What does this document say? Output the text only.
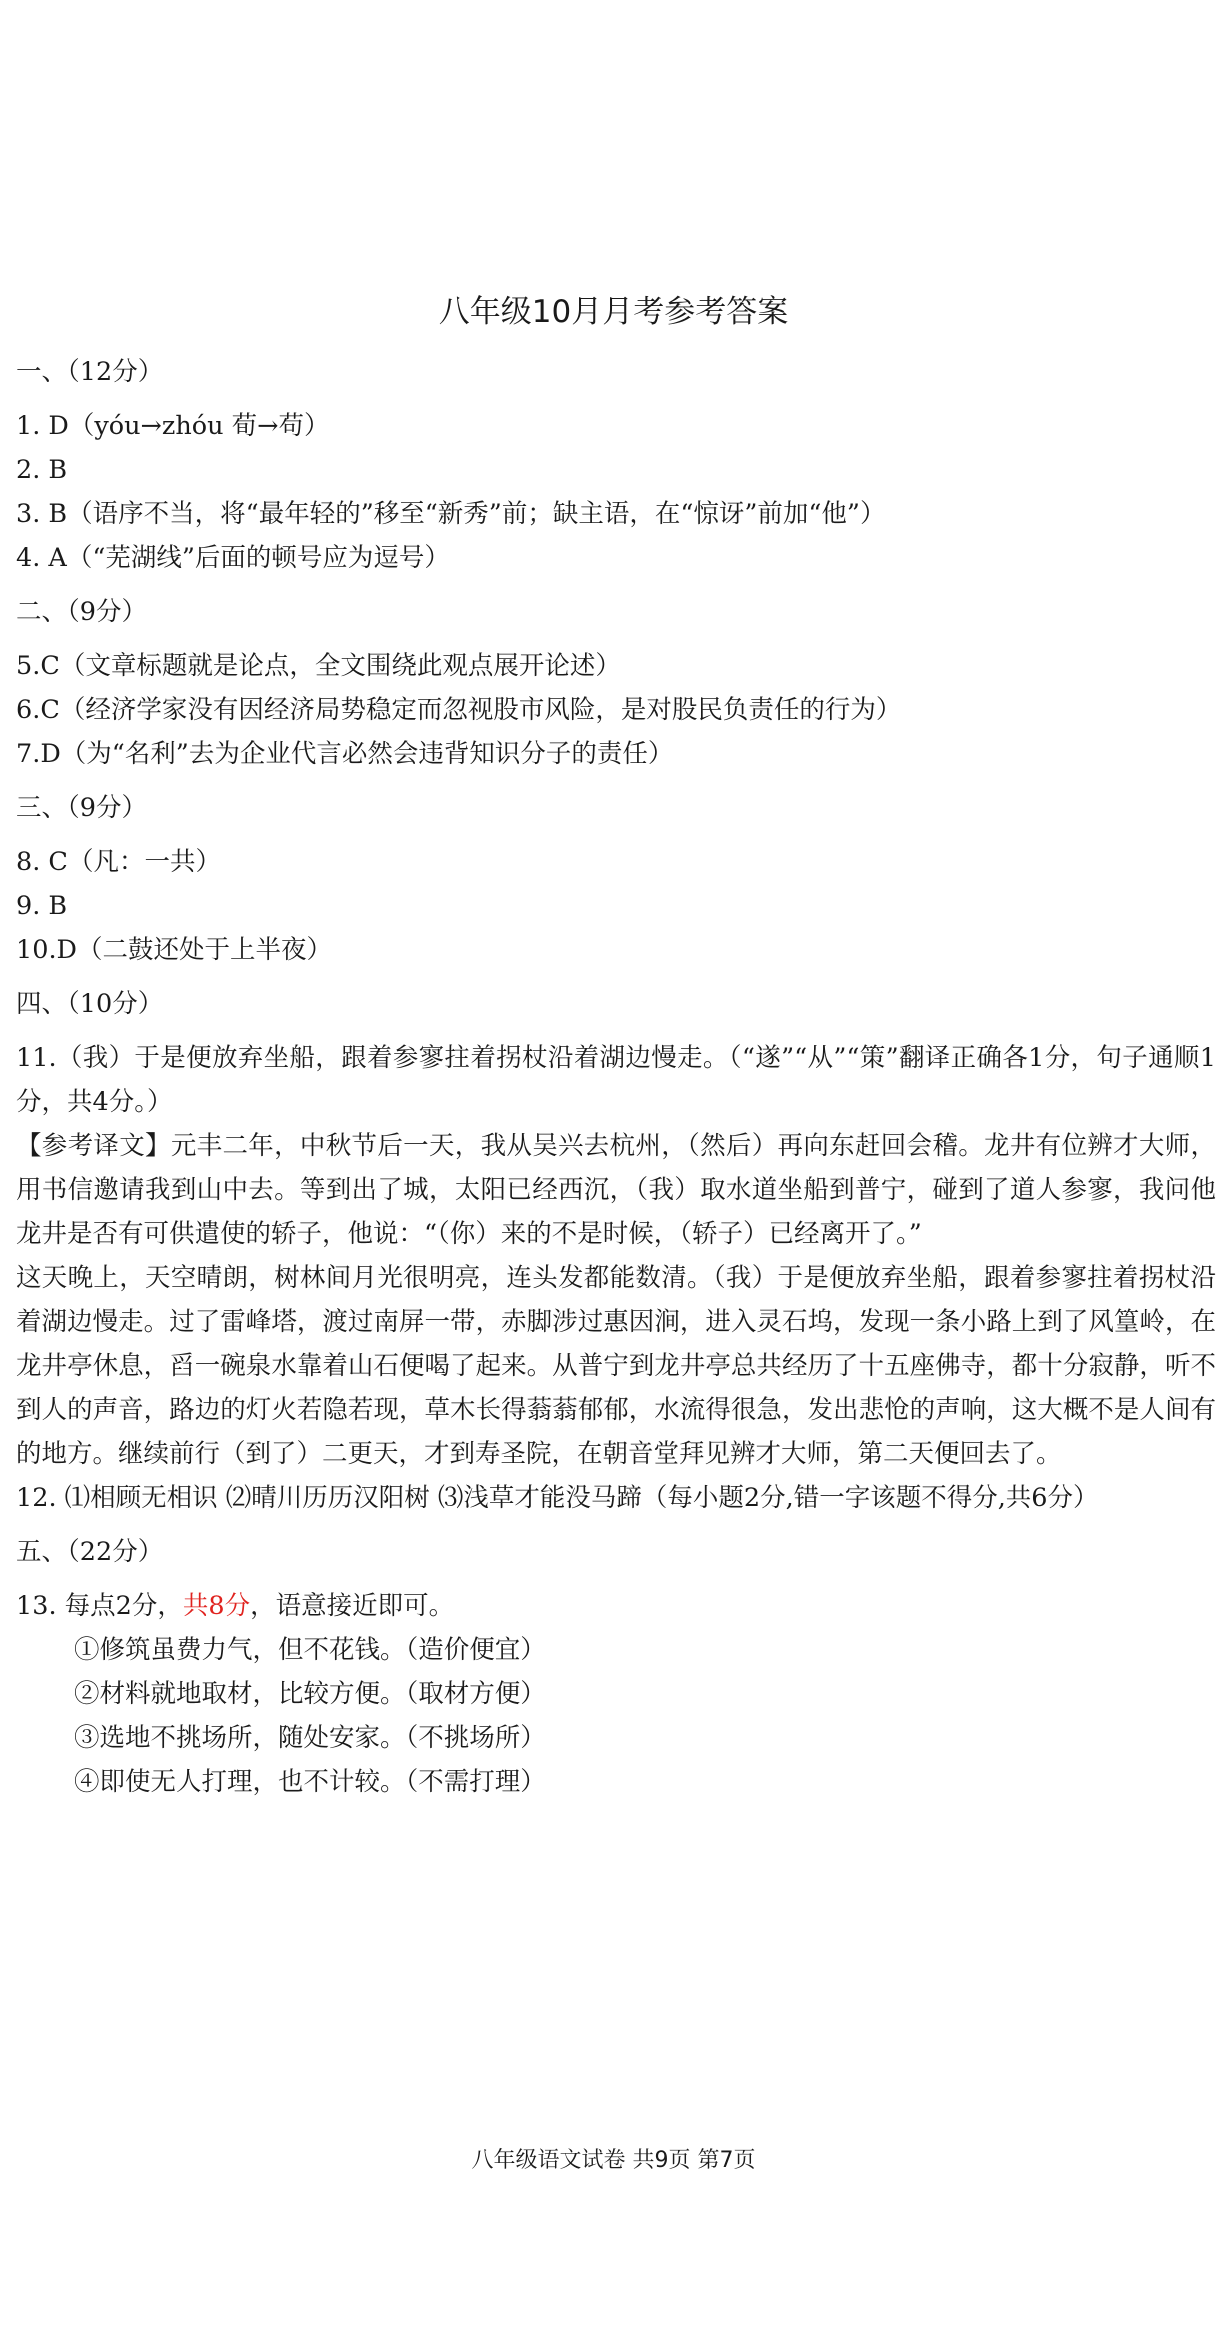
八年级10月月考参考答案
一、（12分）
1. D（yóu→zhóu 荀→苟）
2. B
3. B（语序不当，将“最年轻的”移至“新秀”前；缺主语，在“惊讶”前加“他”）
4. A（“芜湖线”后面的顿号应为逗号）
二、（9分）
5.C（文章标题就是论点，全文围绕此观点展开论述）
6.C（经济学家没有因经济局势稳定而忽视股市风险，是对股民负责任的行为）
7.D（为“名利”去为企业代言必然会违背知识分子的责任）
三、（9分）
8. C（凡：一共）
9. B
10.D（二鼓还处于上半夜）
四、（10分）
11.（我）于是便放弃坐船，跟着参寥拄着拐杖沿着湖边慢走。（“遂”“从”“策”翻译正确各1分，句子通顺1分，共4分。）
【参考译文】元丰二年，中秋节后一天，我从吴兴去杭州，（然后）再向东赶回会稽。龙井有位辨才大师，用书信邀请我到山中去。等到出了城，太阳已经西沉，（我）取水道坐船到普宁，碰到了道人参寥，我问他龙井是否有可供遣使的轿子，他说：“（你）来的不是时候，（轿子）已经离开了。”
这天晚上，天空晴朗，树林间月光很明亮，连头发都能数清。（我）于是便放弃坐船，跟着参寥拄着拐杖沿着湖边慢走。过了雷峰塔，渡过南屏一带，赤脚涉过惠因涧，进入灵石坞，发现一条小路上到了风篁岭，在龙井亭休息，舀一碗泉水靠着山石便喝了起来。从普宁到龙井亭总共经历了十五座佛寺，都十分寂静，听不到人的声音，路边的灯火若隐若现，草木长得蓊蓊郁郁，水流得很急，发出悲怆的声响，这大概不是人间有的地方。继续前行（到了）二更天，才到寿圣院，在朝音堂拜见辨才大师，第二天便回去了。
12. ⑴相顾无相识 ⑵晴川历历汉阳树 ⑶浅草才能没马蹄（每小题2分,错一字该题不得分,共6分）
五、（22分）
13. 每点2分，共8分，语意接近即可。
①修筑虽费力气，但不花钱。（造价便宜）
②材料就地取材，比较方便。（取材方便）
③选地不挑场所，随处安家。（不挑场所）
④即使无人打理，也不计较。（不需打理）
八年级语文试卷 共9页 第7页
